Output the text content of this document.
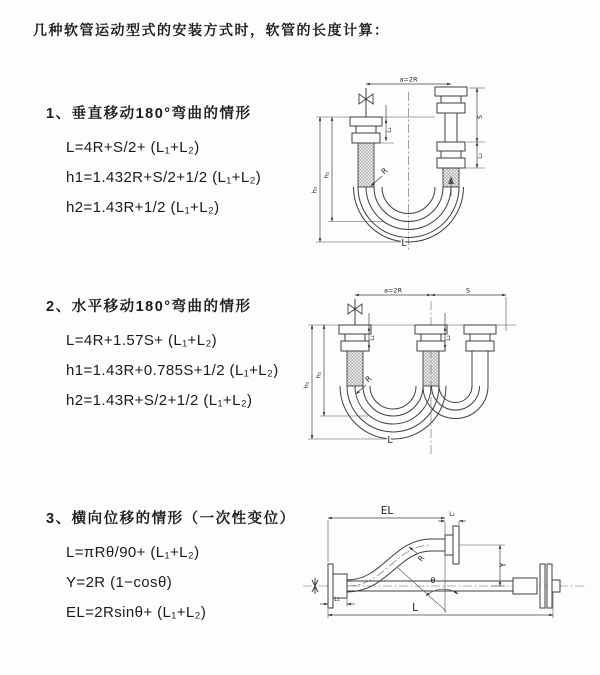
几种软管运动型式的安装方式时，软管的长度计算：
1、垂直移动180°弯曲的情形
L=4R+S/2+ (L₁+L₂)
h1=1.432R+S/2+1/2 (L₁+L₂)
h2=1.43R+1/2 (L₁+L₂)
2、水平移动180°弯曲的情形
L=4R+1.57S+ (L₁+L₂)
h1=1.43R+0.785S+1/2 (L₁+L₂)
h2=1.43R+S/2+1/2 (L₁+L₂)
3、横向位移的情形（一次性变位）
L=πRθ/90+ (L₁+L₂)
Y=2R (1−cosθ)
EL=2Rsinθ+ (L₁+L₂)
a=2R
L₁
S
L₂
h₁
h₂	R
L
a=2R	S
L₁	L₂
h₁
h₂	R
L
EL	L₂
Y
L₁
L
R
θ
